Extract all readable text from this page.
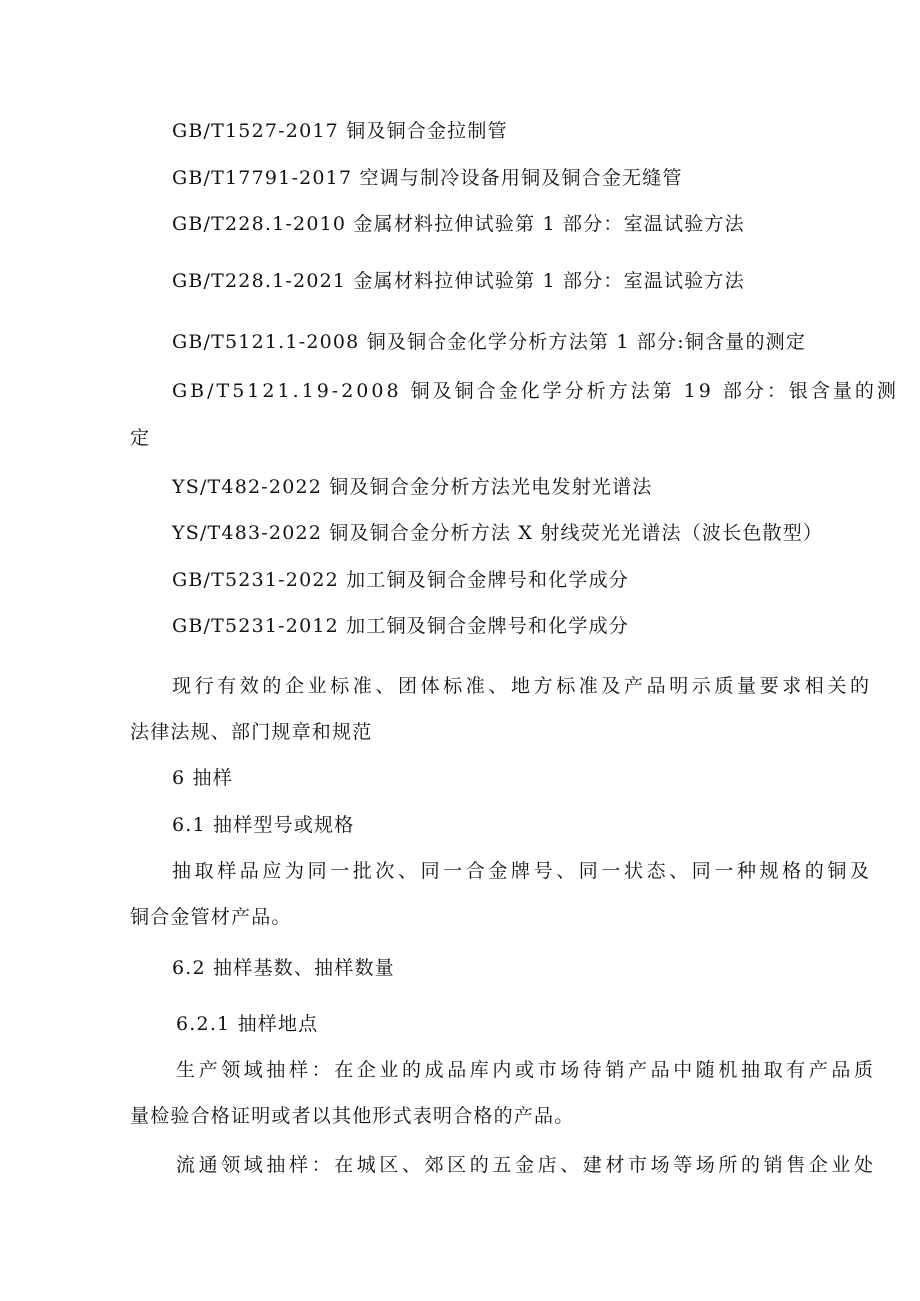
GB/T1527-2017 铜及铜合金拉制管

GB/T17791-2017 空调与制冷设备用铜及铜合金无缝管

GB/T228.1-2010 金属材料拉伸试验第 1 部分：室温试验方法

GB/T228.1-2021 金属材料拉伸试验第 1 部分：室温试验方法

GB/T5121.1-2008 铜及铜合金化学分析方法第 1 部分:铜含量的测定

GB/T5121.19-2008 铜及铜合金化学分析方法第 19 部分：银含量的测

定

YS/T482-2022 铜及铜合金分析方法光电发射光谱法

YS/T483-2022 铜及铜合金分析方法 X 射线荧光光谱法（波长色散型）

GB/T5231-2022 加工铜及铜合金牌号和化学成分

GB/T5231-2012 加工铜及铜合金牌号和化学成分

现行有效的企业标准、团体标准、地方标准及产品明示质量要求相关的

法律法规、部门规章和规范

6 抽样

6.1 抽样型号或规格

抽取样品应为同一批次、同一合金牌号、同一状态、同一种规格的铜及

铜合金管材产品。

6.2 抽样基数、抽样数量

6.2.1 抽样地点

生产领域抽样：在企业的成品库内或市场待销产品中随机抽取有产品质

量检验合格证明或者以其他形式表明合格的产品。

流通领域抽样：在城区、郊区的五金店、建材市场等场所的销售企业处
